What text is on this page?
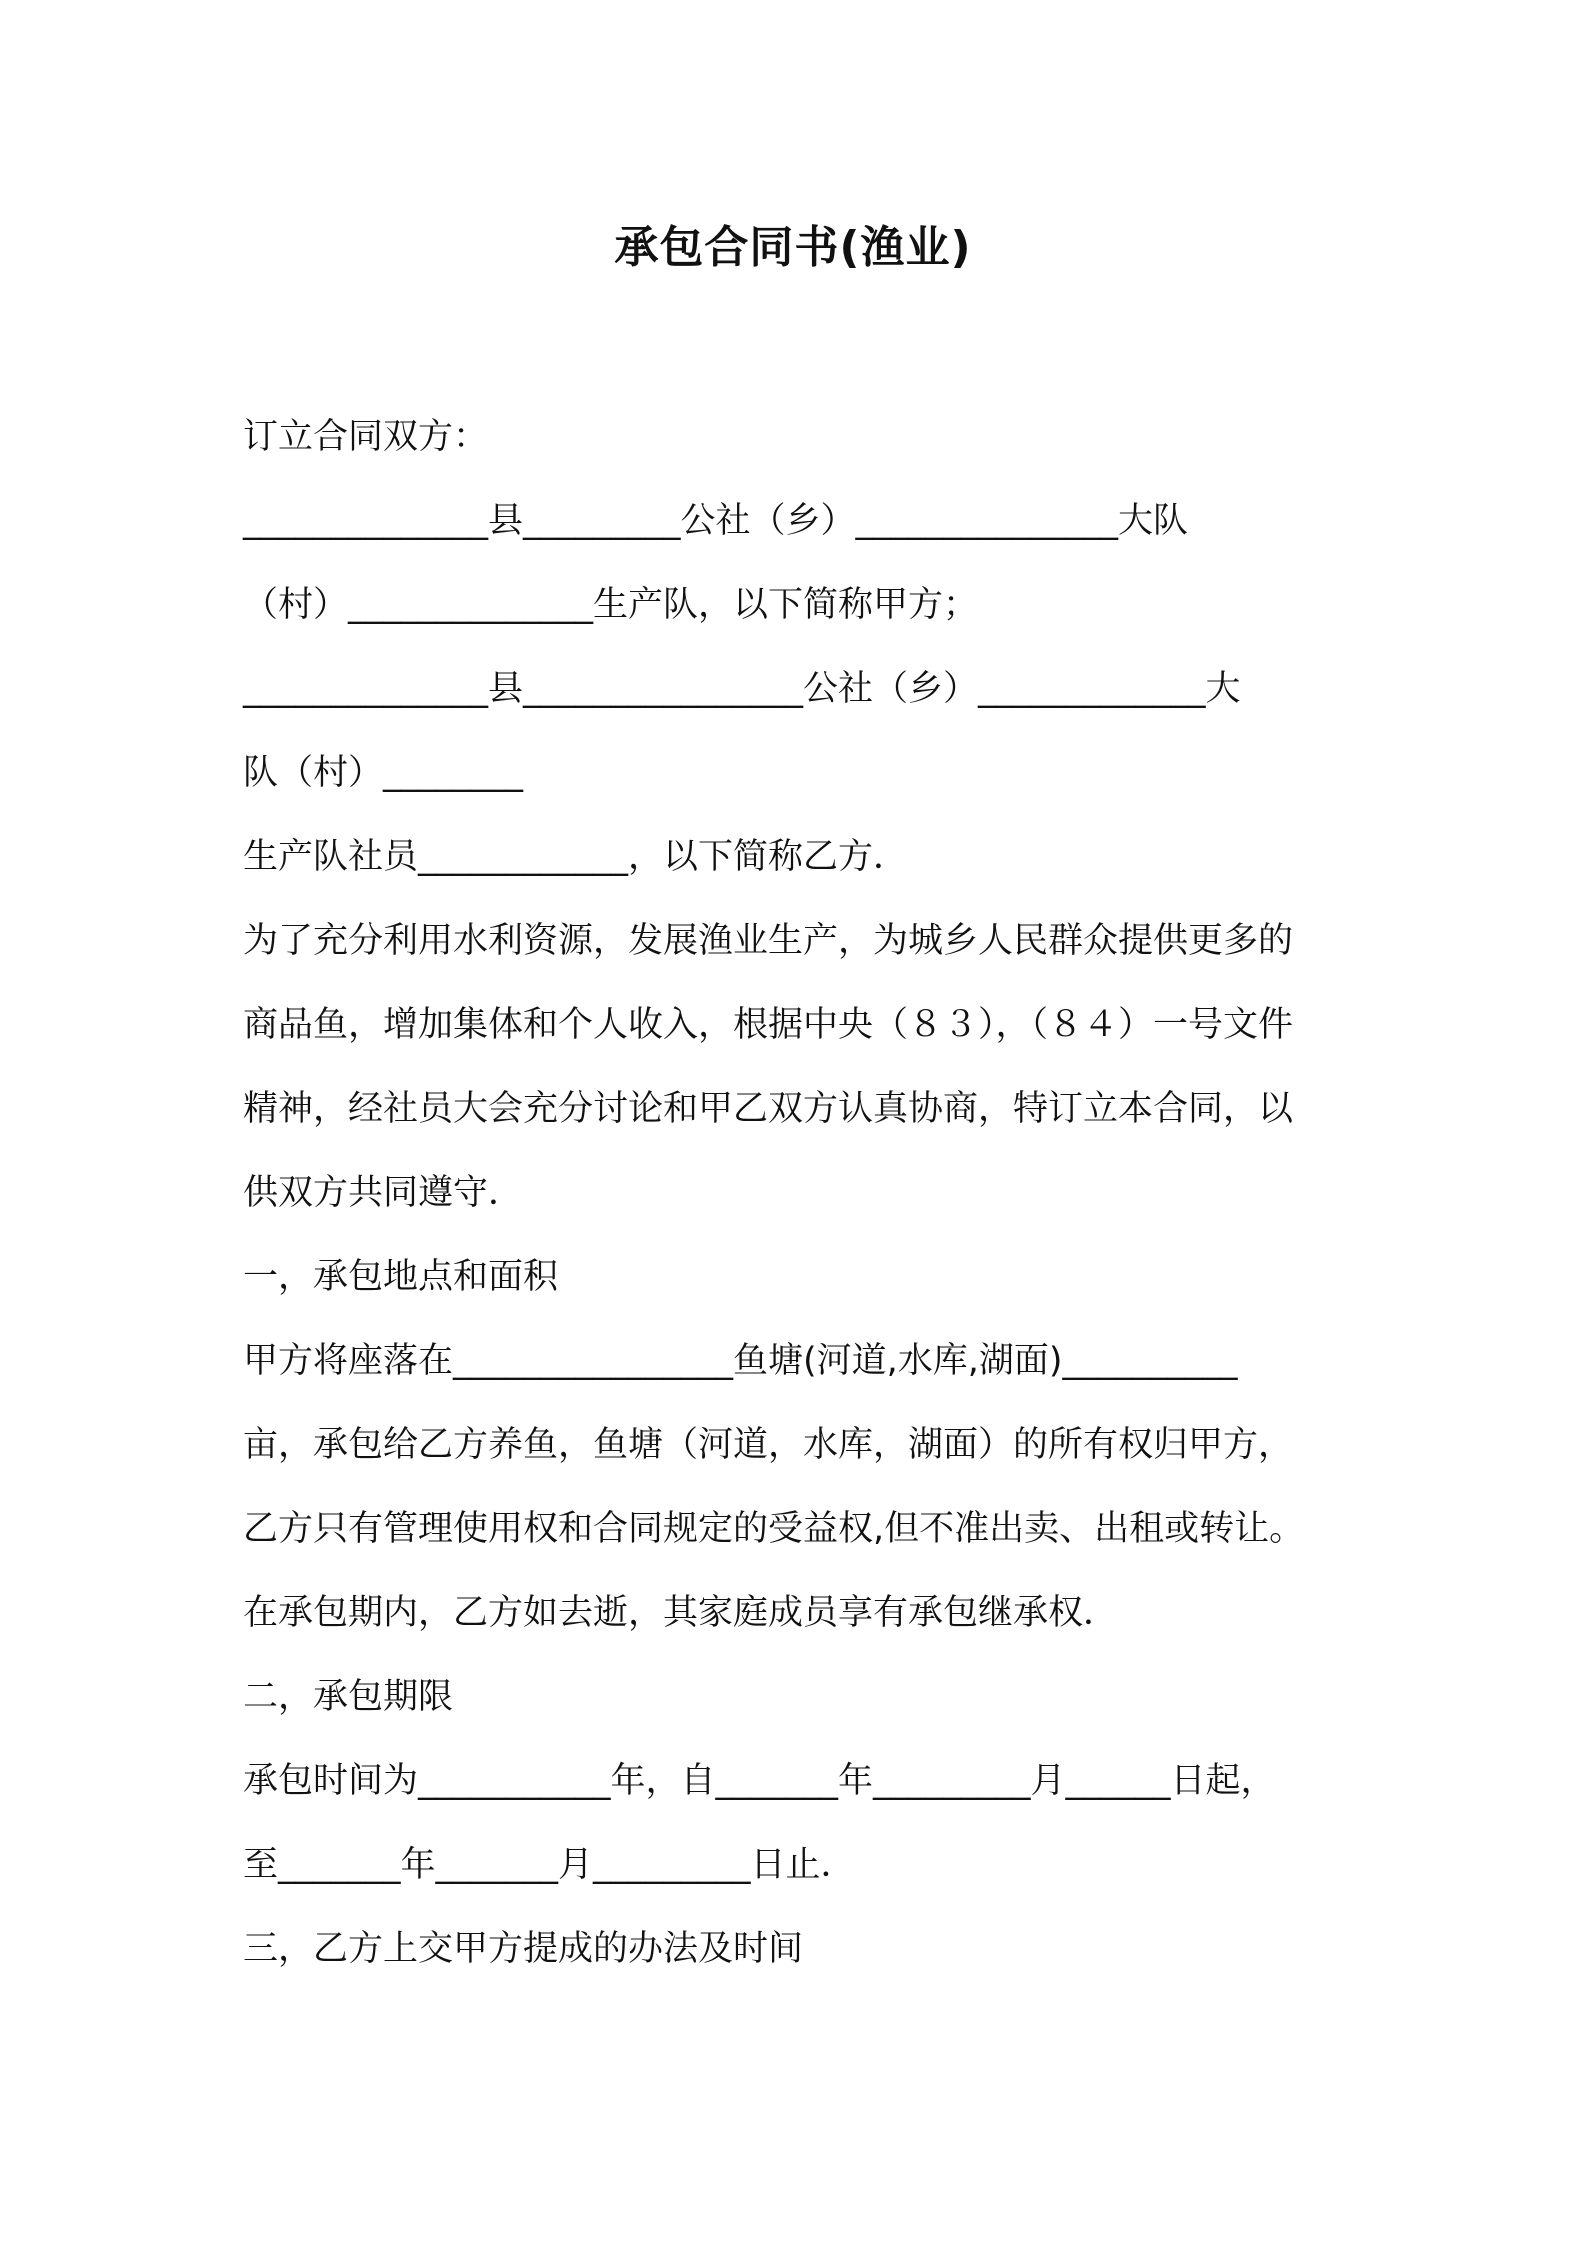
承包合同书(渔业)
订立合同双方：
______________县_________公社（乡）_______________大队
（村）______________生产队，以下简称甲方；
______________县________________公社（乡）_____________大
队（村）________
生产队社员____________，以下简称乙方．
为了充分利用水利资源，发展渔业生产，为城乡人民群众提供更多的
商品鱼，增加集体和个人收入，根据中央（８３），（８４）一号文件
精神，经社员大会充分讨论和甲乙双方认真协商，特订立本合同，以
供双方共同遵守．
一，承包地点和面积
甲方将座落在________________鱼塘(河道,水库,湖面)__________
亩，承包给乙方养鱼，鱼塘（河道，水库，湖面）的所有权归甲方，
乙方只有管理使用权和合同规定的受益权,但不准出卖、出租或转让。
在承包期内，乙方如去逝，其家庭成员享有承包继承权．
二，承包期限
承包时间为___________年，自_______年_________月______日起，
至_______年_______月_________日止．
三，乙方上交甲方提成的办法及时间
